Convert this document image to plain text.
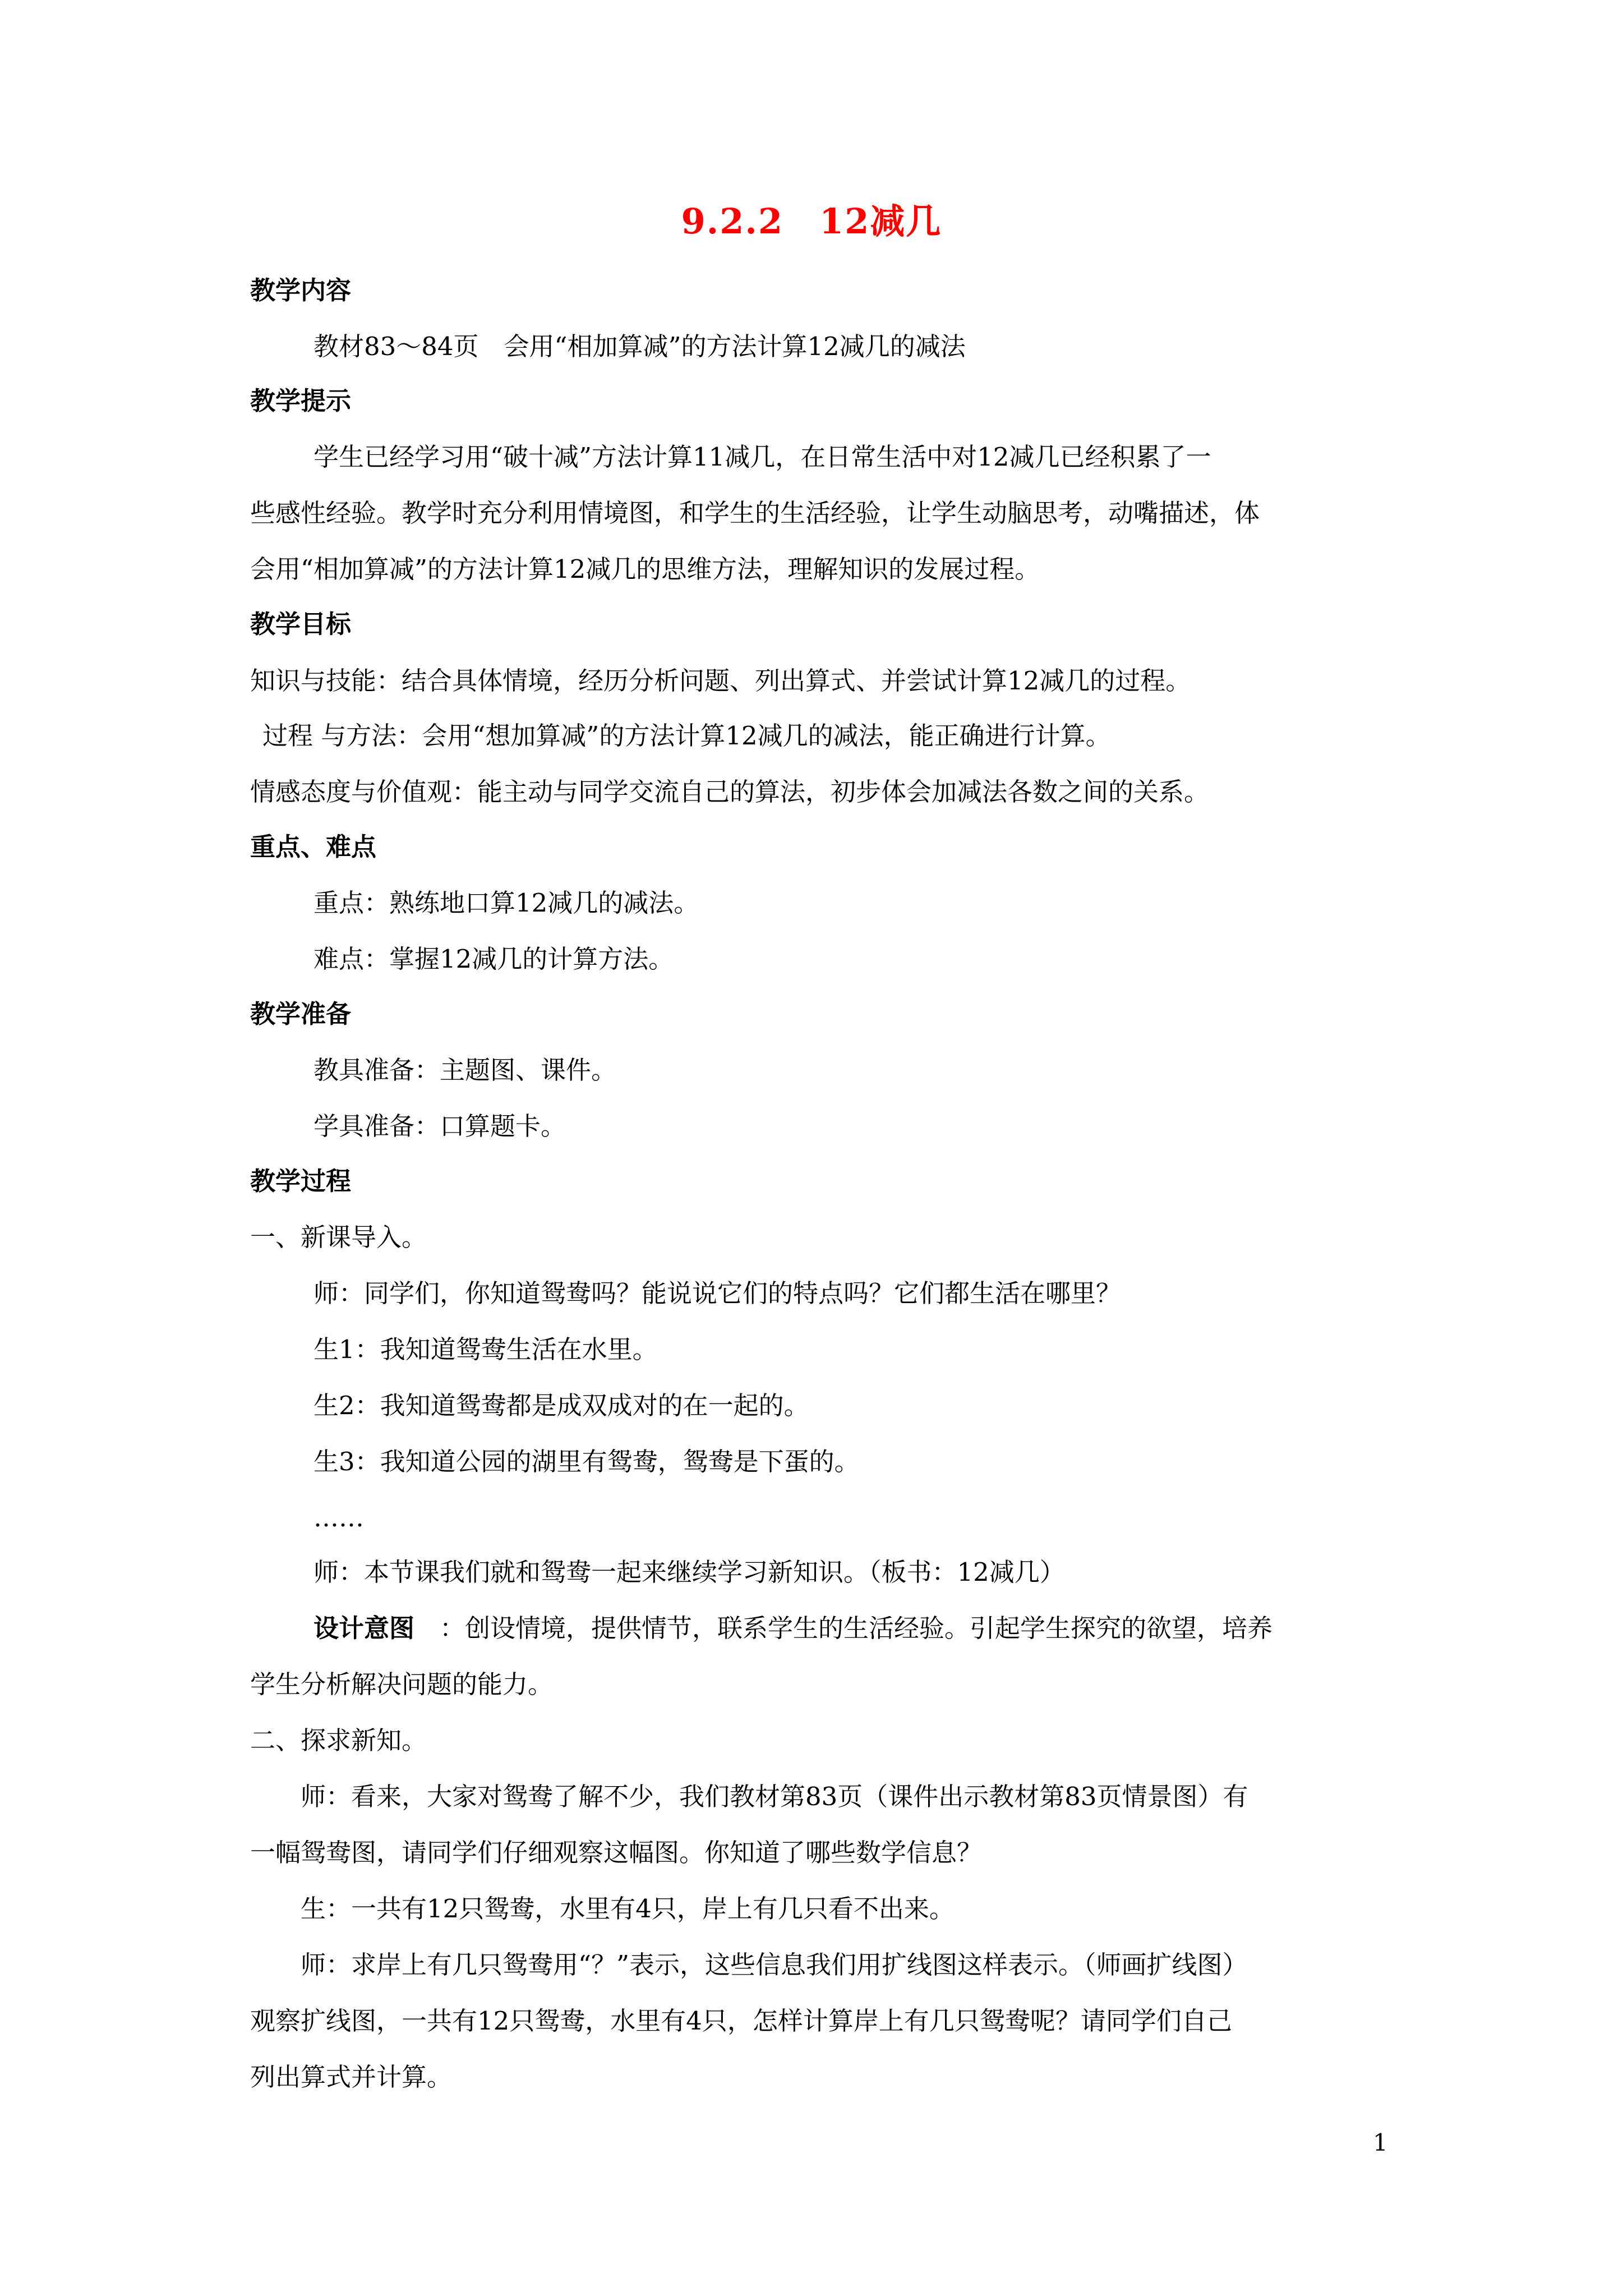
9.2.2　12减几
教学内容
教材83～84页　会用“相加算减”的方法计算12减几的减法
教学提示
学生已经学习用“破十减”方法计算11减几，在日常生活中对12减几已经积累了一
些感性经验。教学时充分利用情境图，和学生的生活经验，让学生动脑思考，动嘴描述，体
会用“相加算减”的方法计算12减几的思维方法，理解知识的发展过程。
教学目标
知识与技能：结合具体情境，经历分析问题、列出算式、并尝试计算12减几的过程。
过程 与方法：会用“想加算减”的方法计算12减几的减法，能正确进行计算。
情感态度与价值观：能主动与同学交流自己的算法，初步体会加减法各数之间的关系。
重点、难点
重点：熟练地口算12减几的减法。
难点：掌握12减几的计算方法。
教学准备
教具准备：主题图、课件。
学具准备：口算题卡。
教学过程
一、新课导入。
师：同学们，你知道鸳鸯吗？能说说它们的特点吗？它们都生活在哪里？
生1：我知道鸳鸯生活在水里。
生2：我知道鸳鸯都是成双成对的在一起的。
生3：我知道公园的湖里有鸳鸯，鸳鸯是下蛋的。
……
师：本节课我们就和鸳鸯一起来继续学习新知识。（板书：12减几）
设计意图 ：创设情境，提供情节，联系学生的生活经验。引起学生探究的欲望，培养
学生分析解决问题的能力。
二、探求新知。
师：看来，大家对鸳鸯了解不少，我们教材第83页（课件出示教材第83页情景图）有
一幅鸳鸯图，请同学们仔细观察这幅图。你知道了哪些数学信息？
生：一共有12只鸳鸯，水里有4只，岸上有几只看不出来。
师：求岸上有几只鸳鸯用“？”表示，这些信息我们用扩线图这样表示。（师画扩线图）
观察扩线图，一共有12只鸳鸯，水里有4只，怎样计算岸上有几只鸳鸯呢？请同学们自己
列出算式并计算。
1
